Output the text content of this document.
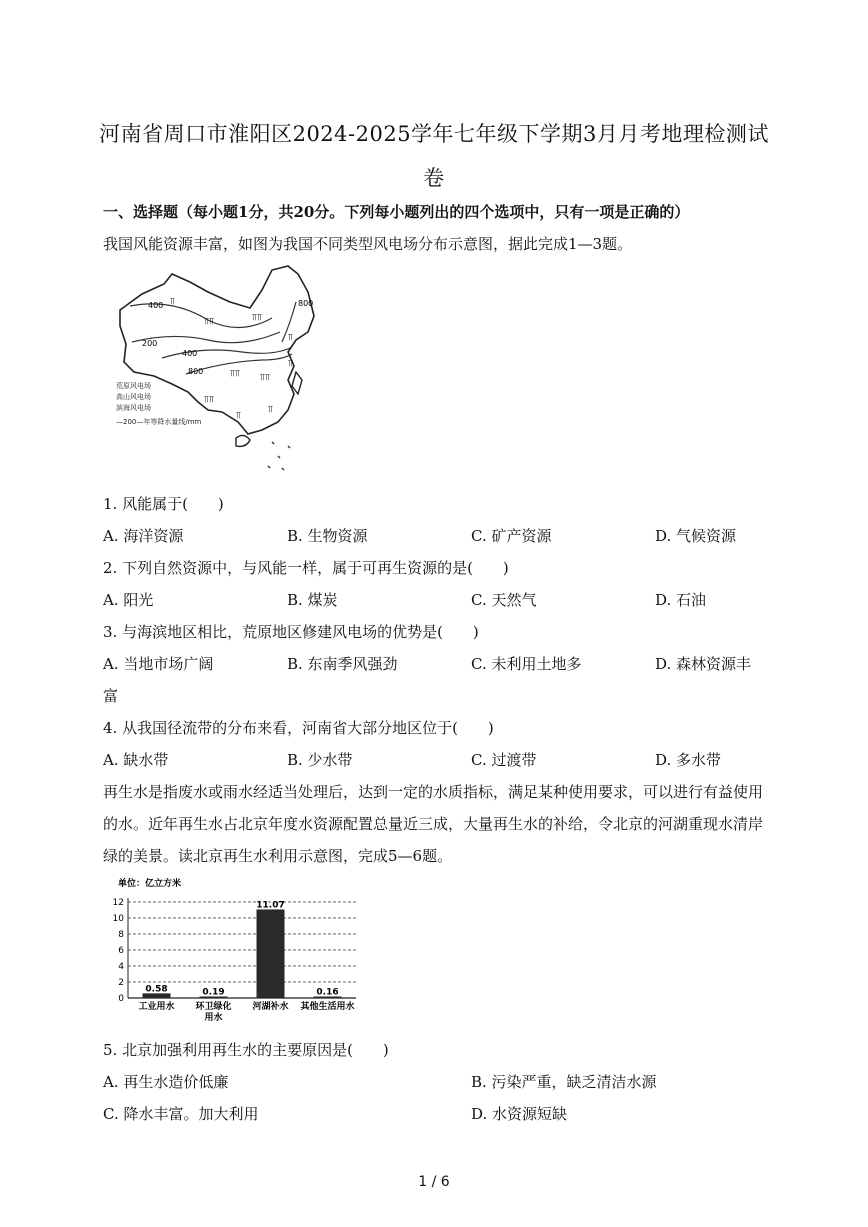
河南省周口市淮阳区2024-2025学年七年级下学期3月月考地理检测试
卷
一、选择题（每小题1分，共20分。下列每小题列出的四个选项中，只有一项是正确的）
我国风能资源丰富，如图为我国不同类型风电场分布示意图，据此完成1—3题。
400	800
200
400
800
⫪
⫪⫪	⫪⫪
⫪
⫪⫪ ⫪⫪
⫪
⫪⫪
⫪
⫪
荒原风电场
高山风电场
滨海风电场
—200—年等降水量线/mm
1. 风能属于(　　)
A. 海洋资源	B. 生物资源	C. 矿产资源	D. 气候资源
2. 下列自然资源中，与风能一样，属于可再生资源的是(　　)
A. 阳光	B. 煤炭	C. 天然气	D. 石油
3. 与海滨地区相比，荒原地区修建风电场的优势是(　　)
A. 当地市场广阔	B. 东南季风强劲	C. 未利用土地多	D. 森林资源丰
富
4. 从我国径流带的分布来看，河南省大部分地区位于(　　)
A. 缺水带	B. 少水带	C. 过渡带	D. 多水带
再生水是指废水或雨水经适当处理后，达到一定的水质指标，满足某种使用要求，可以进行有益使用的水。近年再生水占北京年度水资源配置总量近三成，大量再生水的补给，令北京的河湖重现水清岸绿的美景。读北京再生水利用示意图，完成5—6题。
单位：亿立方米
0
2
4
6
8
10
12
0.58
工业用水
0.19
环卫绿化
用水
11.07
河湖补水
0.16
其他生活用水
5. 北京加强利用再生水的主要原因是(　　)
A. 再生水造价低廉	B. 污染严重，缺乏清洁水源
C. 降水丰富。加大利用	D. 水资源短缺
1 / 6
